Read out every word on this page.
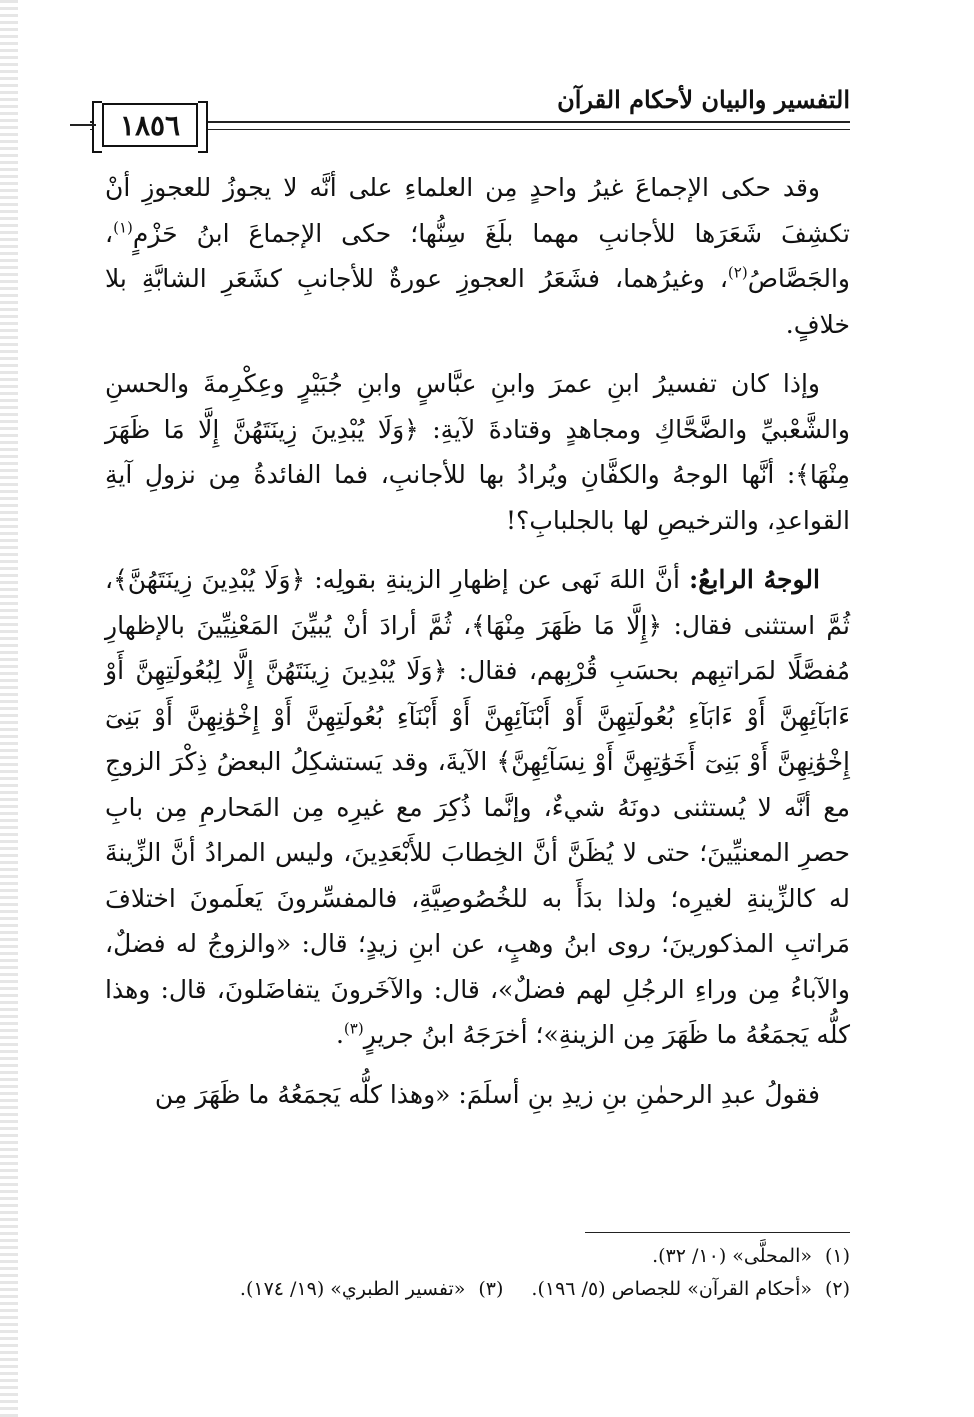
التفسير والبيان لأحكام القرآن
١٨٥٦

وقد حكى الإجماعَ غيرُ واحدٍ مِن العلماءِ على أنَّه لا يجوزُ للعجوزِ أنْ تكشِفَ شَعَرَها للأجانبِ مهما بلَغَ سِنُّها؛ حكى الإجماعَ ابنُ حَزْمٍ$^{(١)}$، والجَصَّاصُ$^{(٢)}$، وغيرُهما، فشَعَرُ العجوزِ عورةٌ للأجانبِ كشَعَرِ الشابَّةِ بلا خلافٍ.

وإذا كان تفسيرُ ابنِ عمرَ وابنِ عبَّاسٍ وابنِ جُبَيْرٍ وعِكْرِمةَ والحسنِ والشَّعْبيِّ والضَّحَّاكِ ومجاهدٍ وقتادةَ لآيةِ: ﴿وَلَا يُبْدِينَ زِينَتَهُنَّ إِلَّا مَا ظَهَرَ مِنْهَا﴾: أنَّها الوجهُ والكفَّانِ ويُرادُ بها للأجانبِ، فما الفائدةُ مِن نزولِ آيةِ القواعدِ، والترخيصِ لها بالجلبابِ؟!

الوجهُ الرابعُ: أنَّ اللهَ نَهى عن إظهارِ الزينةِ بقولِه: ﴿وَلَا يُبْدِينَ زِينَتَهُنَّ﴾، ثُمَّ استثنى فقال: ﴿إِلَّا مَا ظَهَرَ مِنْهَا﴾، ثُمَّ أرادَ أنْ يُبيِّنَ المَعْنِيِّينَ بالإظهارِ مُفصَّلًا لمَراتبِهم بحسَبِ قُرْبِهم، فقال: ﴿وَلَا يُبْدِينَ زِينَتَهُنَّ إِلَّا لِبُعُولَتِهِنَّ أَوْ ءَابَآئِهِنَّ أَوْ ءَابَآءِ بُعُولَتِهِنَّ أَوْ أَبْنَآئِهِنَّ أَوْ أَبْنَآءِ بُعُولَتِهِنَّ أَوْ إِخْوَٰنِهِنَّ أَوْ بَنِىٓ إِخْوَٰنِهِنَّ أَوْ بَنِىٓ أَخَوَٰتِهِنَّ أَوْ نِسَآئِهِنَّ﴾ الآيةَ، وقد يَستشكِلُ البعضُ ذِكْرَ الزوجِ مع أنَّه لا يُستثنى دونَهُ شيءٌ، وإنَّما ذُكِرَ مع غيرِه مِن المَحارمِ مِن بابِ حصرِ المعنيِّينَ؛ حتى لا يُظَنَّ أنَّ الخِطابَ للأَبْعَدِينَ، وليس المرادُ أنَّ الزِّينةَ له كالزِّينةِ لغيرِه؛ ولذا بدَأَ به للخُصُوصِيَّةِ، فالمفسِّرونَ يَعلَمونَ اختلافَ مَراتبِ المذكورينَ؛ روى ابنُ وهبٍ، عن ابنِ زيدٍ؛ قال: «والزوجُ له فضلٌ، والآباءُ مِن وراءِ الرجُلِ لهم فضلٌ»، قال: والآخَرونَ يتفاضَلونَ، قال: وهذا كلُّه يَجمَعُهُ ما ظَهَرَ مِن الزينةِ»؛ أخرَجَهُ ابنُ جريرٍ$^{(٣)}$.

فقولُ عبدِ الرحمٰنِ بنِ زيدِ بنِ أسلَمَ: «وهذا كلُّه يَجمَعُهُ ما ظَهَرَ مِن

(١)«المحلَّى» (١٠/ ٣٢).

(٢)«أحكام القرآن» للجصاص (٥/ ١٩٦).(٣)«تفسير الطبري» (١٩/ ١٧٤).
